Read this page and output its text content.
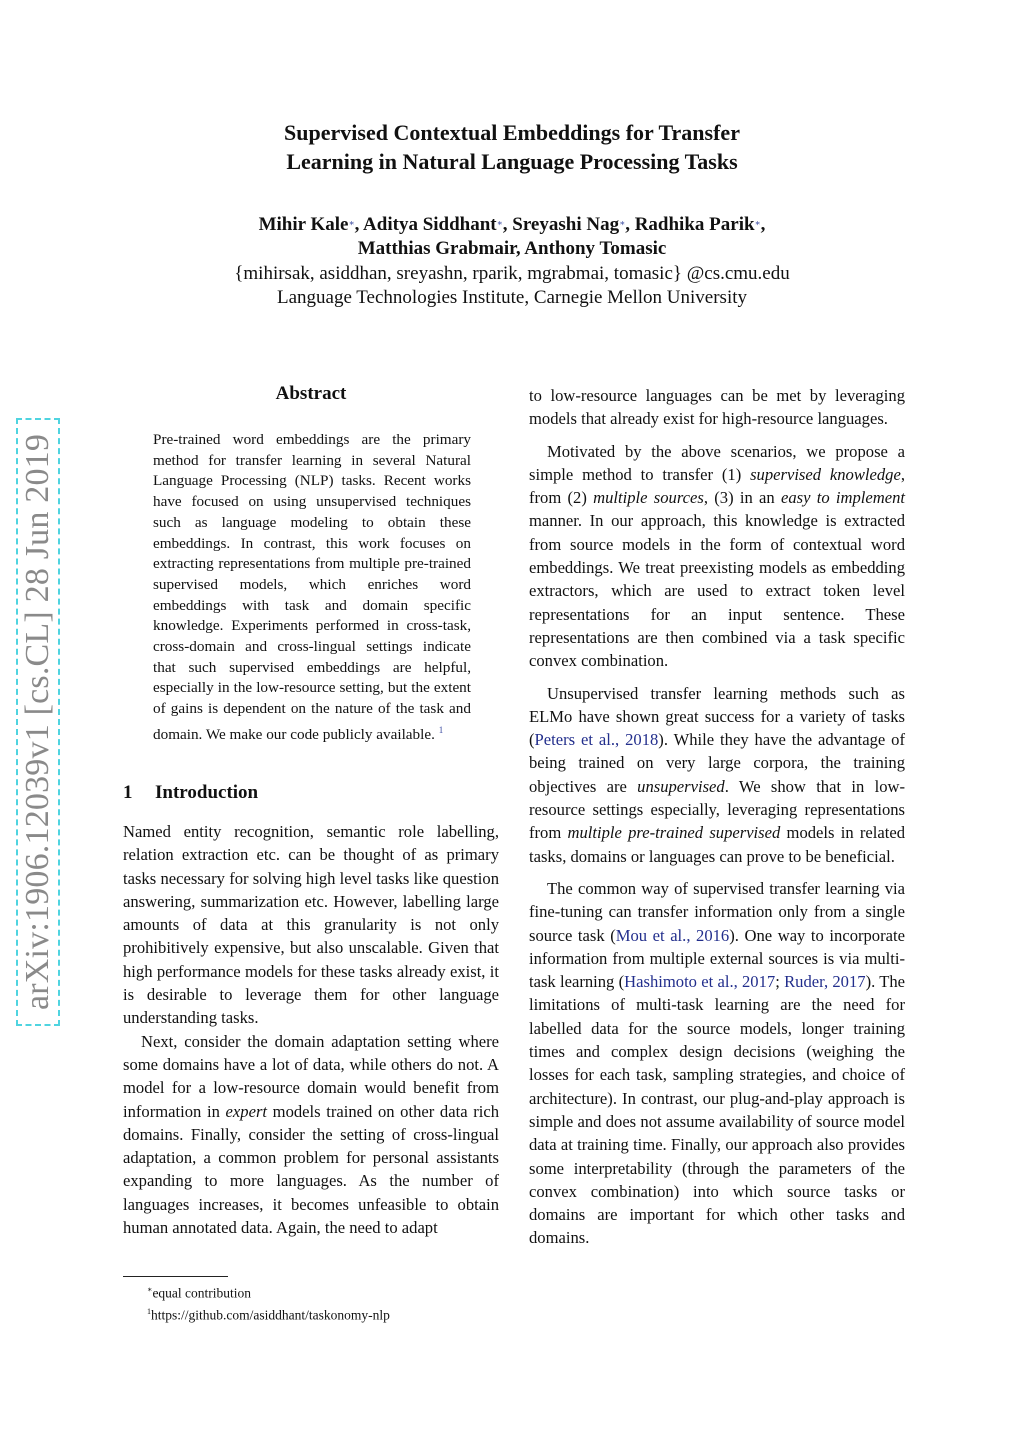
Supervised Contextual Embeddings for Transfer
Learning in Natural Language Processing Tasks
Mihir Kale∗, Aditya Siddhant∗, Sreyashi Nag∗, Radhika Parik∗,
Matthias Grabmair, Anthony Tomasic
{mihirsak, asiddhan, sreyashn, rparik, mgrabmai, tomasic} @cs.cmu.edu
Language Technologies Institute, Carnegie Mellon University
arXiv:1906.12039v1 [cs.CL] 28 Jun 2019
Abstract
Pre-trained word embeddings are the primary method for transfer learning in several Natural Language Processing (NLP) tasks. Recent works have focused on using unsupervised techniques such as language modeling to obtain these embeddings. In contrast, this work focuses on extracting representations from multiple pre-trained supervised models, which enriches word embeddings with task and domain specific knowledge. Experiments performed in cross-task, cross-domain and cross-lingual settings indicate that such supervised embeddings are helpful, especially in the low-resource setting, but the extent of gains is dependent on the nature of the task and domain. We make our code publicly available. $^1$
1 Introduction

Named entity recognition, semantic role labelling, relation extraction etc. can be thought of as primary tasks necessary for solving high level tasks like question answering, summarization etc. However, labelling large amounts of data at this granularity is not only prohibitively expensive, but also unscalable. Given that high performance models for these tasks already exist, it is desirable to leverage them for other language understanding tasks.

Next, consider the domain adaptation setting where some domains have a lot of data, while others do not. A model for a low-resource domain would benefit from information in expert models trained on other data rich domains. Finally, consider the setting of cross-lingual adaptation, a common problem for personal assistants expanding to more languages. As the number of languages increases, it becomes unfeasible to obtain human annotated data. Again, the need to adapt

∗equal contribution
$^1$https://github.com/asiddhant/taskonomy-nlp

to low-resource languages can be met by leveraging models that already exist for high-resource languages.

Motivated by the above scenarios, we propose a simple method to transfer (1) supervised knowledge, from (2) multiple sources, (3) in an easy to implement manner. In our approach, this knowledge is extracted from source models in the form of contextual word embeddings. We treat preexisting models as embedding extractors, which are used to extract token level representations for an input sentence. These representations are then combined via a task specific convex combination.

Unsupervised transfer learning methods such as ELMo have shown great success for a variety of tasks (Peters et al., 2018). While they have the advantage of being trained on very large corpora, the training objectives are unsupervised. We show that in low-resource settings especially, leveraging representations from multiple pre-trained supervised models in related tasks, domains or languages can prove to be beneficial.

The common way of supervised transfer learning via fine-tuning can transfer information only from a single source task (Mou et al., 2016). One way to incorporate information from multiple external sources is via multi-task learning (Hashimoto et al., 2017; Ruder, 2017). The limitations of multi-task learning are the need for labelled data for the source models, longer training times and complex design decisions (weighing the losses for each task, sampling strategies, and choice of architecture). In contrast, our plug-and-play approach is simple and does not assume availability of source model data at training time. Finally, our approach also provides some interpretability (through the parameters of the convex combination) into which source tasks or domains are important for which other tasks and domains.
